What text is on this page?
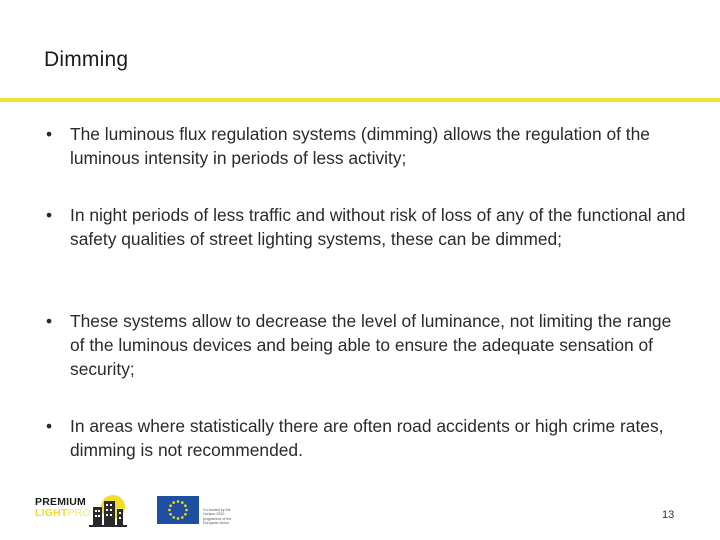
Dimming
•	The luminous flux regulation systems (dimming) allows the regulation of the luminous intensity in periods of less activity;
•	In night periods of less traffic and without risk of loss of any of the functional and safety qualities of street lighting systems, these can be dimmed;
•	These systems allow to decrease the level of luminance, not limiting the range of the luminous devices and being able to ensure the adequate sensation of security;
•	In areas where statistically there are often road accidents or high crime rates, dimming is not recommended.
PREMIUM
LIGHTPRO	Co-funded by the Horizon 2020
programme of the European Union
13
